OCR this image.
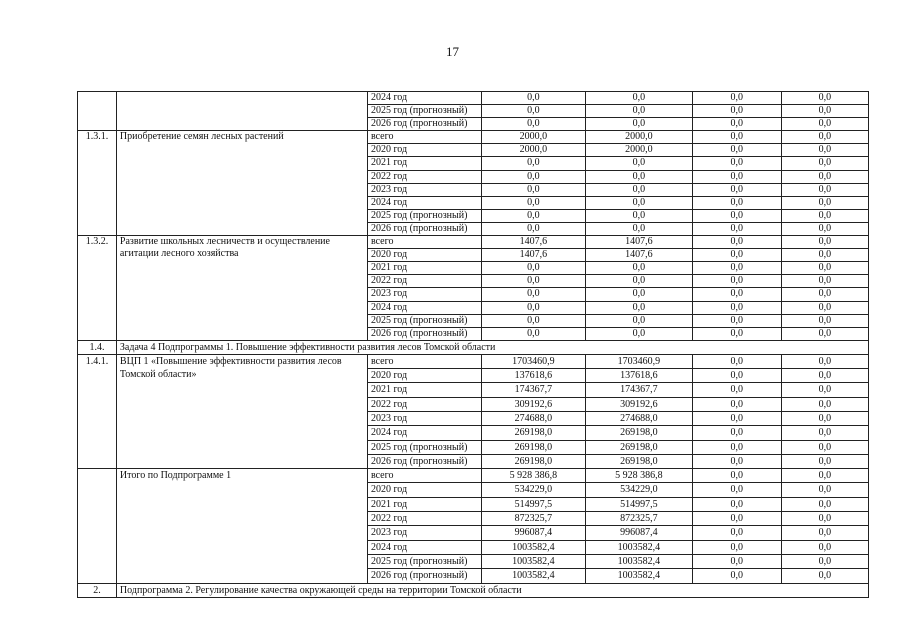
17
		2024 год	0,0	0,0	0,0	0,0
		2025 год (прогнозный)	0,0	0,0	0,0	0,0
		2026 год (прогнозный)	0,0	0,0	0,0	0,0
1.3.1.	Приобретение семян лесных растений	всего	2000,0	2000,0	0,0	0,0
		2020 год	2000,0	2000,0	0,0	0,0
		2021 год	0,0	0,0	0,0	0,0
		2022 год	0,0	0,0	0,0	0,0
		2023 год	0,0	0,0	0,0	0,0
		2024 год	0,0	0,0	0,0	0,0
		2025 год (прогнозный)	0,0	0,0	0,0	0,0
		2026 год (прогнозный)	0,0	0,0	0,0	0,0
1.3.2.	Развитие школьных лесничеств и осуществление агитации лесного хозяйства	всего	1407,6	1407,6	0,0	0,0
		2020 год	1407,6	1407,6	0,0	0,0
		2021 год	0,0	0,0	0,0	0,0
		2022 год	0,0	0,0	0,0	0,0
		2023 год	0,0	0,0	0,0	0,0
		2024 год	0,0	0,0	0,0	0,0
		2025 год (прогнозный)	0,0	0,0	0,0	0,0
		2026 год (прогнозный)	0,0	0,0	0,0	0,0
1.4.	Задача 4 Подпрограммы 1. Повышение эффективности развития лесов Томской области					
1.4.1.	ВЦП 1 «Повышение эффективности развития лесов Томской области»	всего	1703460,9	1703460,9	0,0	0,0
		2020 год	137618,6	137618,6	0,0	0,0
		2021 год	174367,7	174367,7	0,0	0,0
		2022 год	309192,6	309192,6	0,0	0,0
		2023 год	274688,0	274688,0	0,0	0,0
		2024 год	269198,0	269198,0	0,0	0,0
		2025 год (прогнозный)	269198,0	269198,0	0,0	0,0
		2026 год (прогнозный)	269198,0	269198,0	0,0	0,0
	Итого по Подпрограмме 1	всего	5 928 386,8	5 928 386,8	0,0	0,0
		2020 год	534229,0	534229,0	0,0	0,0
		2021 год	514997,5	514997,5	0,0	0,0
		2022 год	872325,7	872325,7	0,0	0,0
		2023 год	996087,4	996087,4	0,0	0,0
		2024 год	1003582,4	1003582,4	0,0	0,0
		2025 год (прогнозный)	1003582,4	1003582,4	0,0	0,0
		2026 год (прогнозный)	1003582,4	1003582,4	0,0	0,0
2.	Подпрограмма 2. Регулирование качества окружающей среды на территории Томской области					
